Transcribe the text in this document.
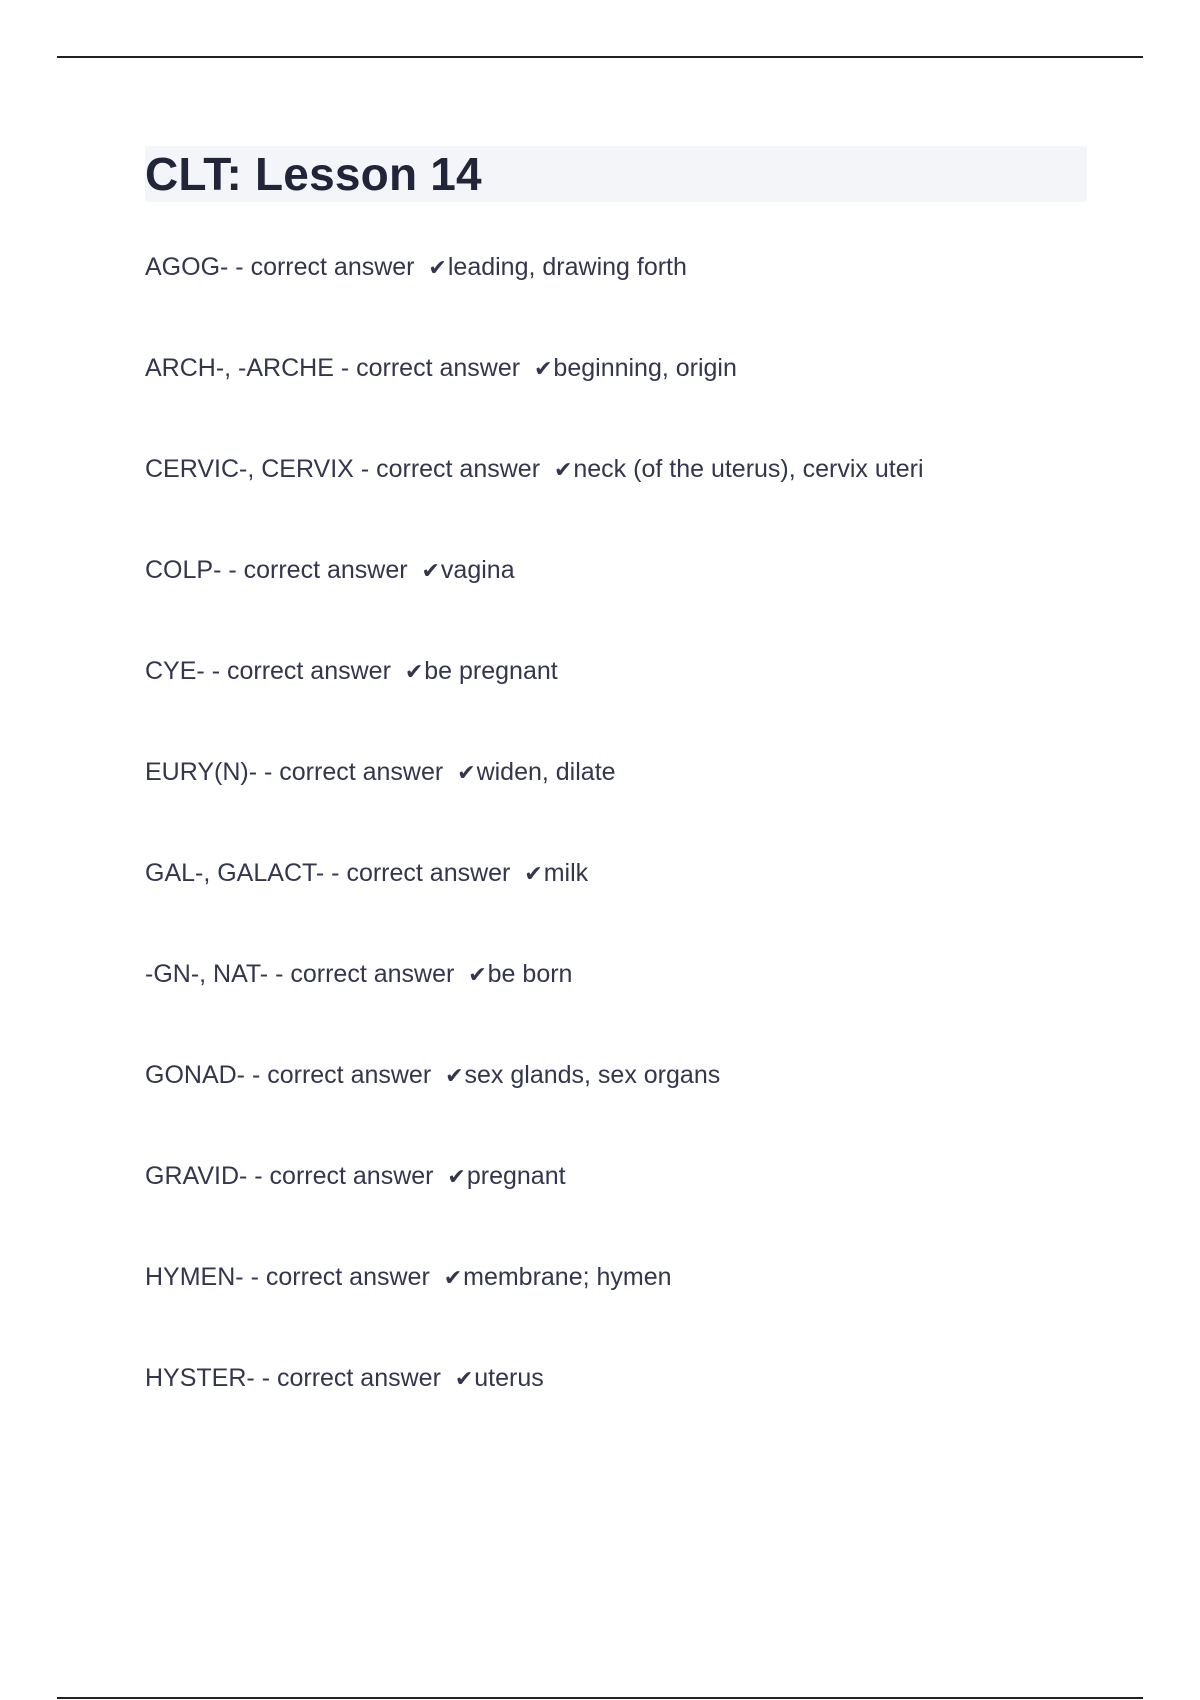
CLT: Lesson 14
AGOG- - correct answer ✔leading, drawing forth
ARCH-, -ARCHE - correct answer ✔beginning, origin
CERVIC-, CERVIX - correct answer ✔neck (of the uterus), cervix uteri
COLP- - correct answer ✔vagina
CYE- - correct answer ✔be pregnant
EURY(N)- - correct answer ✔widen, dilate
GAL-, GALACT- - correct answer ✔milk
-GN-, NAT- - correct answer ✔be born
GONAD- - correct answer ✔sex glands, sex organs
GRAVID- - correct answer ✔pregnant
HYMEN- - correct answer ✔membrane; hymen
HYSTER- - correct answer ✔uterus
